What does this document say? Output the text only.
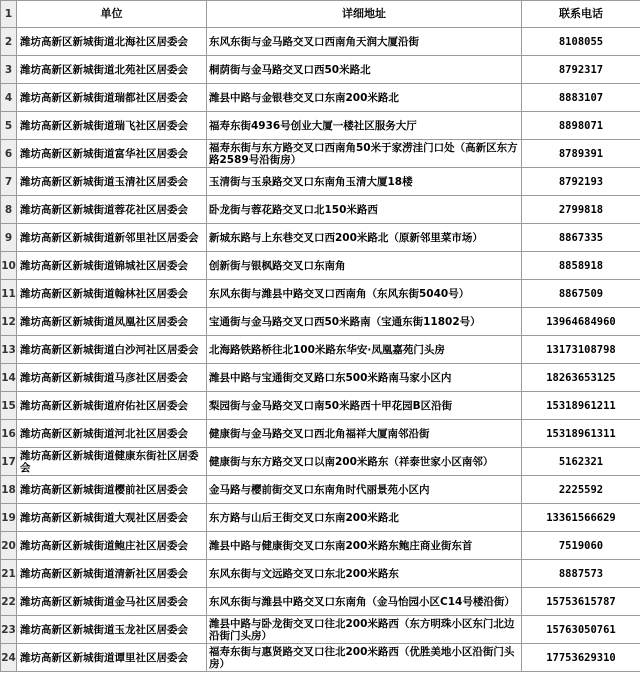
1	单位	详细地址	联系电话
2	潍坊高新区新城街道北海社区居委会	东风东街与金马路交叉口西南角天润大厦沿街	8108055
3	潍坊高新区新城街道北苑社区居委会	桐荫街与金马路交叉口西50米路北	8792317
4	潍坊高新区新城街道瑞都社区居委会	潍县中路与金银巷交叉口东南200米路北	8883107
5	潍坊高新区新城街道瑞飞社区居委会	福寿东街4936号创业大厦一楼社区服务大厅	8898071
6	潍坊高新区新城街道富华社区居委会	福寿东街与东方路交叉口西南角50米于家涝洼门口处（高新区东方路2589号沿街房）	8789391
7	潍坊高新区新城街道玉清社区居委会	玉清街与玉泉路交叉口东南角玉清大厦18楼	8792193
8	潍坊高新区新城街道蓉花社区居委会	卧龙街与蓉花路交叉口北150米路西	2799818
9	潍坊高新区新城街道新邻里社区居委会	新城东路与上东巷交叉口西200米路北（原新邻里菜市场）	8867335
10	潍坊高新区新城街道锦城社区居委会	创新街与银枫路交叉口东南角	8858918
11	潍坊高新区新城街道翰林社区居委会	东风东街与潍县中路交叉口西南角（东风东街5040号）	8867509
12	潍坊高新区新城街道凤凰社区居委会	宝通街与金马路交叉口西50米路南（宝通东街11802号）	13964684960
13	潍坊高新区新城街道白沙河社区居委会	北海路铁路桥往北100米路东华安·凤凰嘉苑门头房	13173108798
14	潍坊高新区新城街道马彦社区居委会	潍县中路与宝通街交叉路口东500米路南马家小区内	18263653125
15	潍坊高新区新城街道府佑社区居委会	梨园街与金马路交叉口南50米路西十甲花园B区沿街	15318961211
16	潍坊高新区新城街道河北社区居委会	健康街与金马路交叉口西北角福祥大厦南邻沿街	15318961311
17	潍坊高新区新城街道健康东街社区居委会	健康街与东方路交叉口以南200米路东（祥泰世家小区南邻）	5162321
18	潍坊高新区新城街道樱前社区居委会	金马路与樱前街交叉口东南角时代丽景苑小区内	2225592
19	潍坊高新区新城街道大观社区居委会	东方路与山后王街交叉口东南200米路北	13361566629
20	潍坊高新区新城街道鲍庄社区居委会	潍县中路与健康街交叉口东南200米路东鲍庄商业街东首	7519060
21	潍坊高新区新城街道清新社区居委会	东风东街与文远路交叉口东北200米路东	8887573
22	潍坊高新区新城街道金马社区居委会	东风东街与潍县中路交叉口东南角（金马怡园小区C14号楼沿街）	15753615787
23	潍坊高新区新城街道玉龙社区居委会	潍县中路与卧龙街交叉口往北200米路西（东方明珠小区东门北边沿街门头房）	15763050761
24	潍坊高新区新城街道谭里社区居委会	福寿东街与惠贤路交叉口往北200米路西（优胜美地小区沿街门头房）	17753629310
